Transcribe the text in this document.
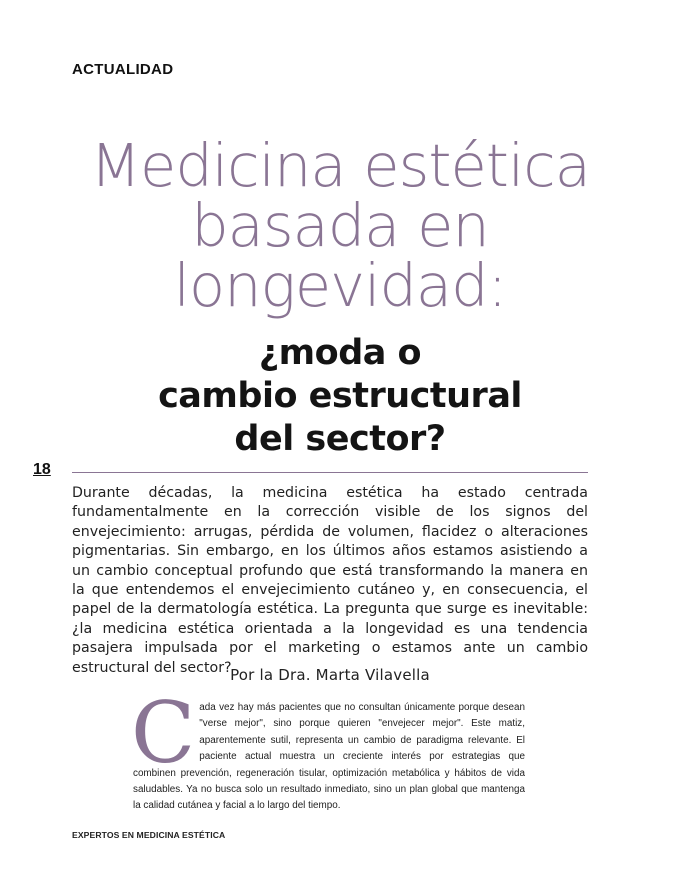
ACTUALIDAD
Medicina estética
basada en
longevidad:
¿moda o
cambio estructural
del sector?
18

Durante décadas, la medicina estética ha estado centrada fundamentalmente en la corrección visible de los signos del envejecimiento: arrugas, pérdida de volumen, flacidez o alteraciones pigmentarias. Sin embargo, en los últimos años estamos asistiendo a un cambio conceptual profundo que está transformando la manera en la que entendemos el envejecimiento cutáneo y, en consecuencia, el papel de la dermatología estética. La pregunta que surge es inevitable: ¿la medicina estética orientada a la longevidad es una tendencia pasajera impulsada por el marketing o estamos ante un cambio estructural del sector?

Por la Dra. Marta Vilavella
Cada vez hay más pacientes que no consultan únicamente porque desean "verse mejor", sino porque quieren "envejecer mejor". Este matiz, aparentemente sutil, representa un cambio de paradigma relevante. El paciente actual muestra un creciente interés por estrategias que combinen prevención, regeneración tisular, optimización metabólica y hábitos de vida saludables. Ya no busca solo un resultado inmediato, sino un plan global que mantenga la calidad cutánea y facial a lo largo del tiempo.
EXPERTOS EN MEDICINA ESTÉTICA
